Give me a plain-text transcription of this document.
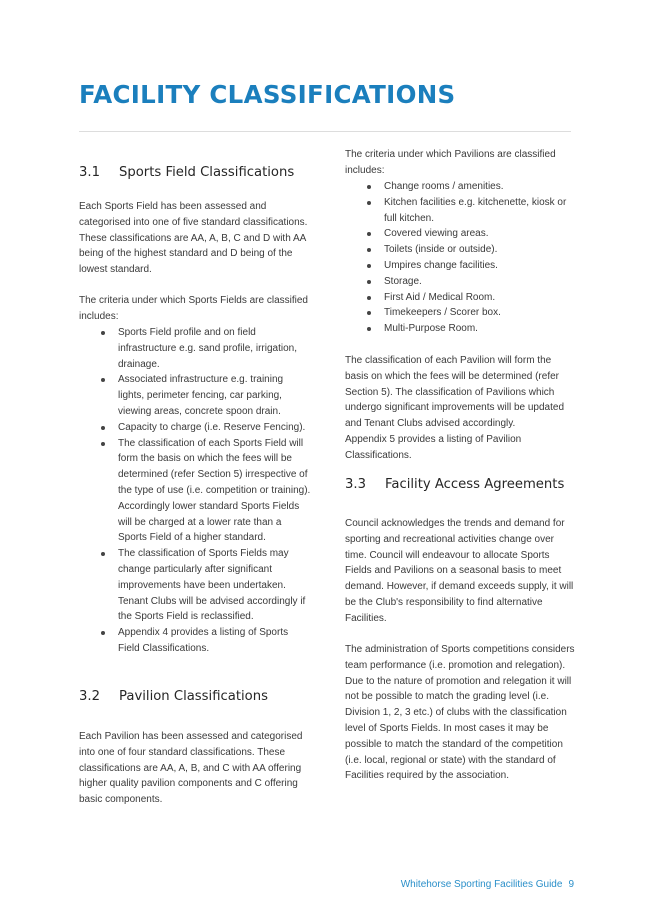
FACILITY CLASSIFICATIONS
3.1 Sports Field Classifications

Each Sports Field has been assessed and categorised into one of five standard classifications. These classifications are AA, A, B, C and D with AA being of the highest standard and D being of the lowest standard.

The criteria under which Sports Fields are classified includes:

Sports Field profile and on field infrastructure e.g. sand profile, irrigation, drainage.
Associated infrastructure e.g. training lights, perimeter fencing, car parking, viewing areas, concrete spoon drain.
Capacity to charge (i.e. Reserve Fencing).
The classification of each Sports Field will form the basis on which the fees will be determined (refer Section 5) irrespective of the type of use (i.e. competition or training). Accordingly lower standard Sports Fields will be charged at a lower rate than a Sports Field of a higher standard.
The classification of Sports Fields may change particularly after significant improvements have been undertaken. Tenant Clubs will be advised accordingly if the Sports Field is reclassified.
Appendix 4 provides a listing of Sports Field Classifications.
3.2 Pavilion Classifications

Each Pavilion has been assessed and categorised into one of four standard classifications. These classifications are AA, A, B, and C with AA offering higher quality pavilion components and C offering basic components.

The criteria under which Pavilions are classified includes:

Change rooms / amenities.
Kitchen facilities e.g. kitchenette, kiosk or full kitchen.
Covered viewing areas.
Toilets (inside or outside).
Umpires change facilities.
Storage.
First Aid / Medical Room.
Timekeepers / Scorer box.
Multi-Purpose Room.

The classification of each Pavilion will form the basis on which the fees will be determined (refer Section 5). The classification of Pavilions which undergo significant improvements will be updated and Tenant Clubs advised accordingly.

Appendix 5 provides a listing of Pavilion Classifications.

3.3 Facility Access Agreements

Council acknowledges the trends and demand for sporting and recreational activities change over time. Council will endeavour to allocate Sports Fields and Pavilions on a seasonal basis to meet demand. However, if demand exceeds supply, it will be the Club's responsibility to find alternative Facilities.

The administration of Sports competitions considers team performance (i.e. promotion and relegation). Due to the nature of promotion and relegation it will not be possible to match the grading level (i.e. Division 1, 2, 3 etc.) of clubs with the classification level of Sports Fields. In most cases it may be possible to match the standard of the competition (i.e. local, regional or state) with the standard of Facilities required by the association.

Whitehorse Sporting Facilities Guide 9
